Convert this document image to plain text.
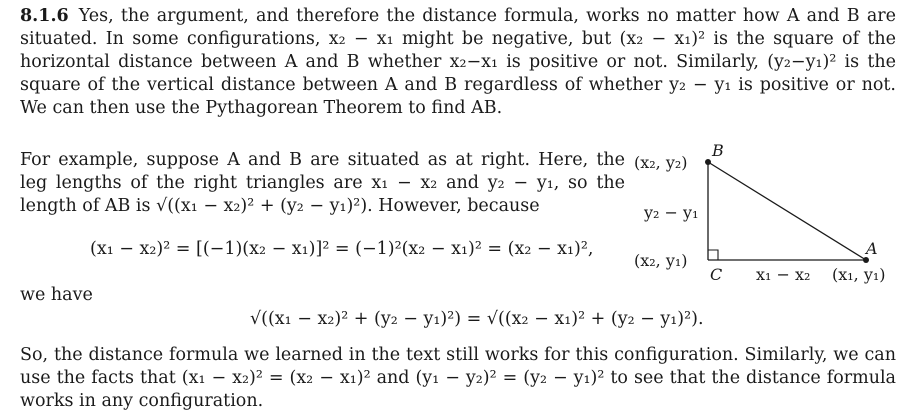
8.1.6 Yes, the argument, and therefore the distance formula, works no matter how A and B are situated. In some configurations, x₂ − x₁ might be negative, but (x₂ − x₁)² is the square of the horizontal distance between A and B whether x₂−x₁ is positive or not. Similarly, (y₂−y₁)² is the square of the vertical distance between A and B regardless of whether y₂ − y₁ is positive or not. We can then use the Pythagorean Theorem to find AB.

For example, suppose A and B are situated as at right. Here, the leg lengths of the right triangles are x₁ − x₂ and y₂ − y₁, so the length of AB is √((x₁ − x₂)² + (y₂ − y₁)²). However, because

(x₁ − x₂)² = [(−1)(x₂ − x₁)]² = (−1)²(x₂ − x₁)² = (x₂ − x₁)²,
we have
√((x₁ − x₂)² + (y₂ − y₁)²) = √((x₂ − x₁)² + (y₂ − y₁)²).

So, the distance formula we learned in the text still works for this configuration. Similarly, we can use the facts that (x₁ − x₂)² = (x₂ − x₁)² and (y₁ − y₂)² = (y₂ − y₁)² to see that the distance formula works in any configuration.

B
(x₂, y₂)
y₂ − y₁
(x₂, y₁)
C x₁ − x₂
A
(x₁, y₁)
